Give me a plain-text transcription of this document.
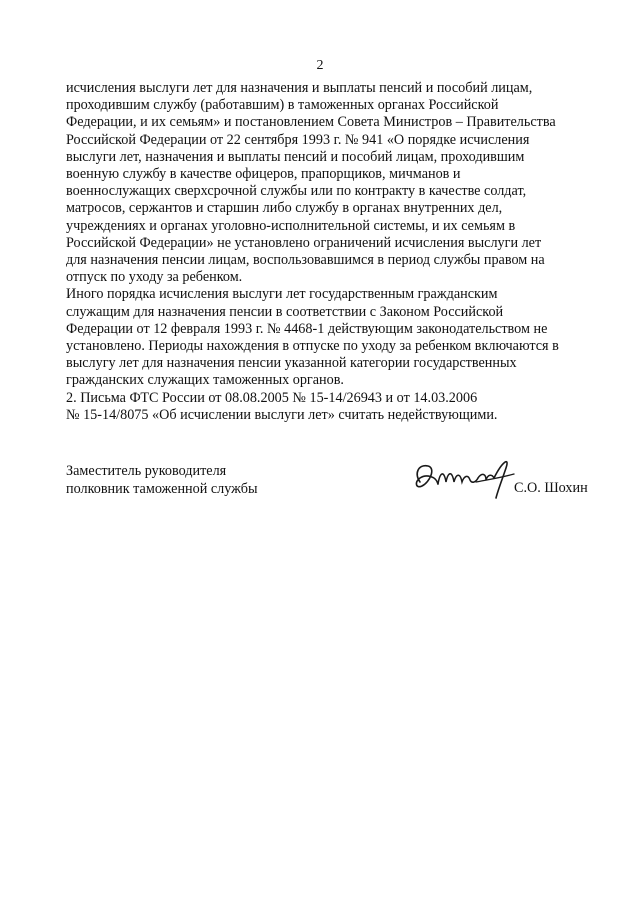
2

исчисления выслуги лет для назначения и выплаты пенсий и пособий лицам,
проходившим службу (работавшим) в таможенных органах Российской
Федерации, и их семьям» и постановлением Совета Министров – Правительства
Российской Федерации от 22 сентября 1993 г. № 941 «О порядке исчисления
выслуги лет, назначения и выплаты пенсий и пособий лицам, проходившим
военную службу в качестве офицеров, прапорщиков, мичманов и
военнослужащих сверхсрочной службы или по контракту в качестве солдат,
матросов, сержантов и старшин либо службу в органах внутренних дел,
учреждениях и органах уголовно-исполнительной системы, и их семьям в
Российской Федерации» не установлено ограничений исчисления выслуги лет
для назначения пенсии лицам, воспользовавшимся в период службы правом на
отпуск по уходу за ребенком.

Иного порядка исчисления выслуги лет государственным гражданским
служащим для назначения пенсии в соответствии с Законом Российской
Федерации от 12 февраля 1993 г. № 4468-1 действующим законодательством не
установлено. Периоды нахождения в отпуске по уходу за ребенком включаются в
выслугу лет для назначения пенсии указанной категории государственных
гражданских служащих таможенных органов.

2. Письма ФТС России от 08.08.2005 № 15-14/26943 и от 14.03.2006
№ 15-14/8075 «Об исчислении выслуги лет» считать недействующими.

Заместитель руководителя
полковник таможенной службы	С.О. Шохин
